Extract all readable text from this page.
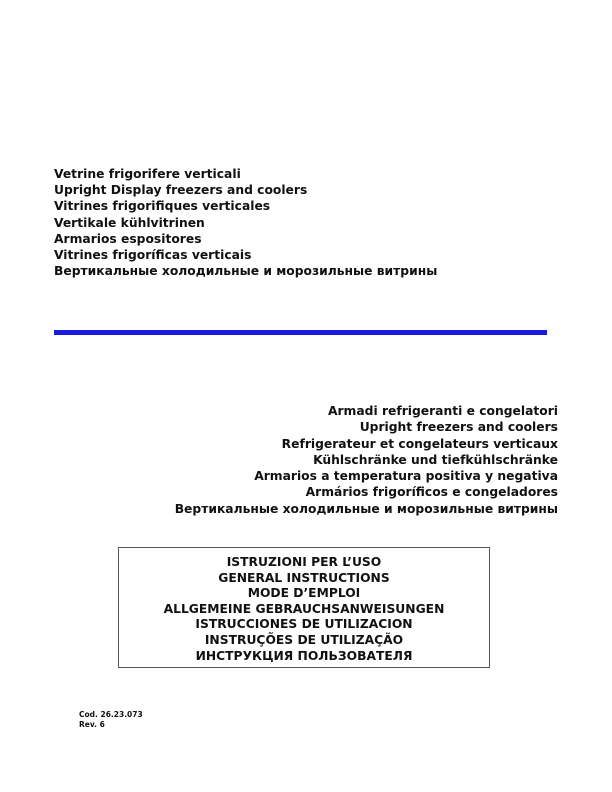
Vetrine frigorifere verticali
Upright Display freezers and coolers
Vitrines frigorifiques verticales
Vertikale kühlvitrinen
Armarios espositores
Vitrines frigoríficas verticais
Вертикальные холодильные и морозильные витрины
Armadi refrigeranti e congelatori
Upright freezers and coolers
Refrigerateur et congelateurs verticaux
Kühlschränke und tiefkühlschränke
Armarios a temperatura positiva y negativa
Armários frigoríficos e congeladores
Вертикальные холодильные и морозильные витрины
ISTRUZIONI PER L’USO
GENERAL INSTRUCTIONS
MODE D’EMPLOI
ALLGEMEINE GEBRAUCHSANWEISUNGEN
ISTRUCCIONES DE UTILIZACION
INSTRUÇÕES DE UTILIZAÇÃO
ИНСТРУКЦИЯ ПОЛЬЗОВАТЕЛЯ
Cod. 26.23.073
Rev. 6
